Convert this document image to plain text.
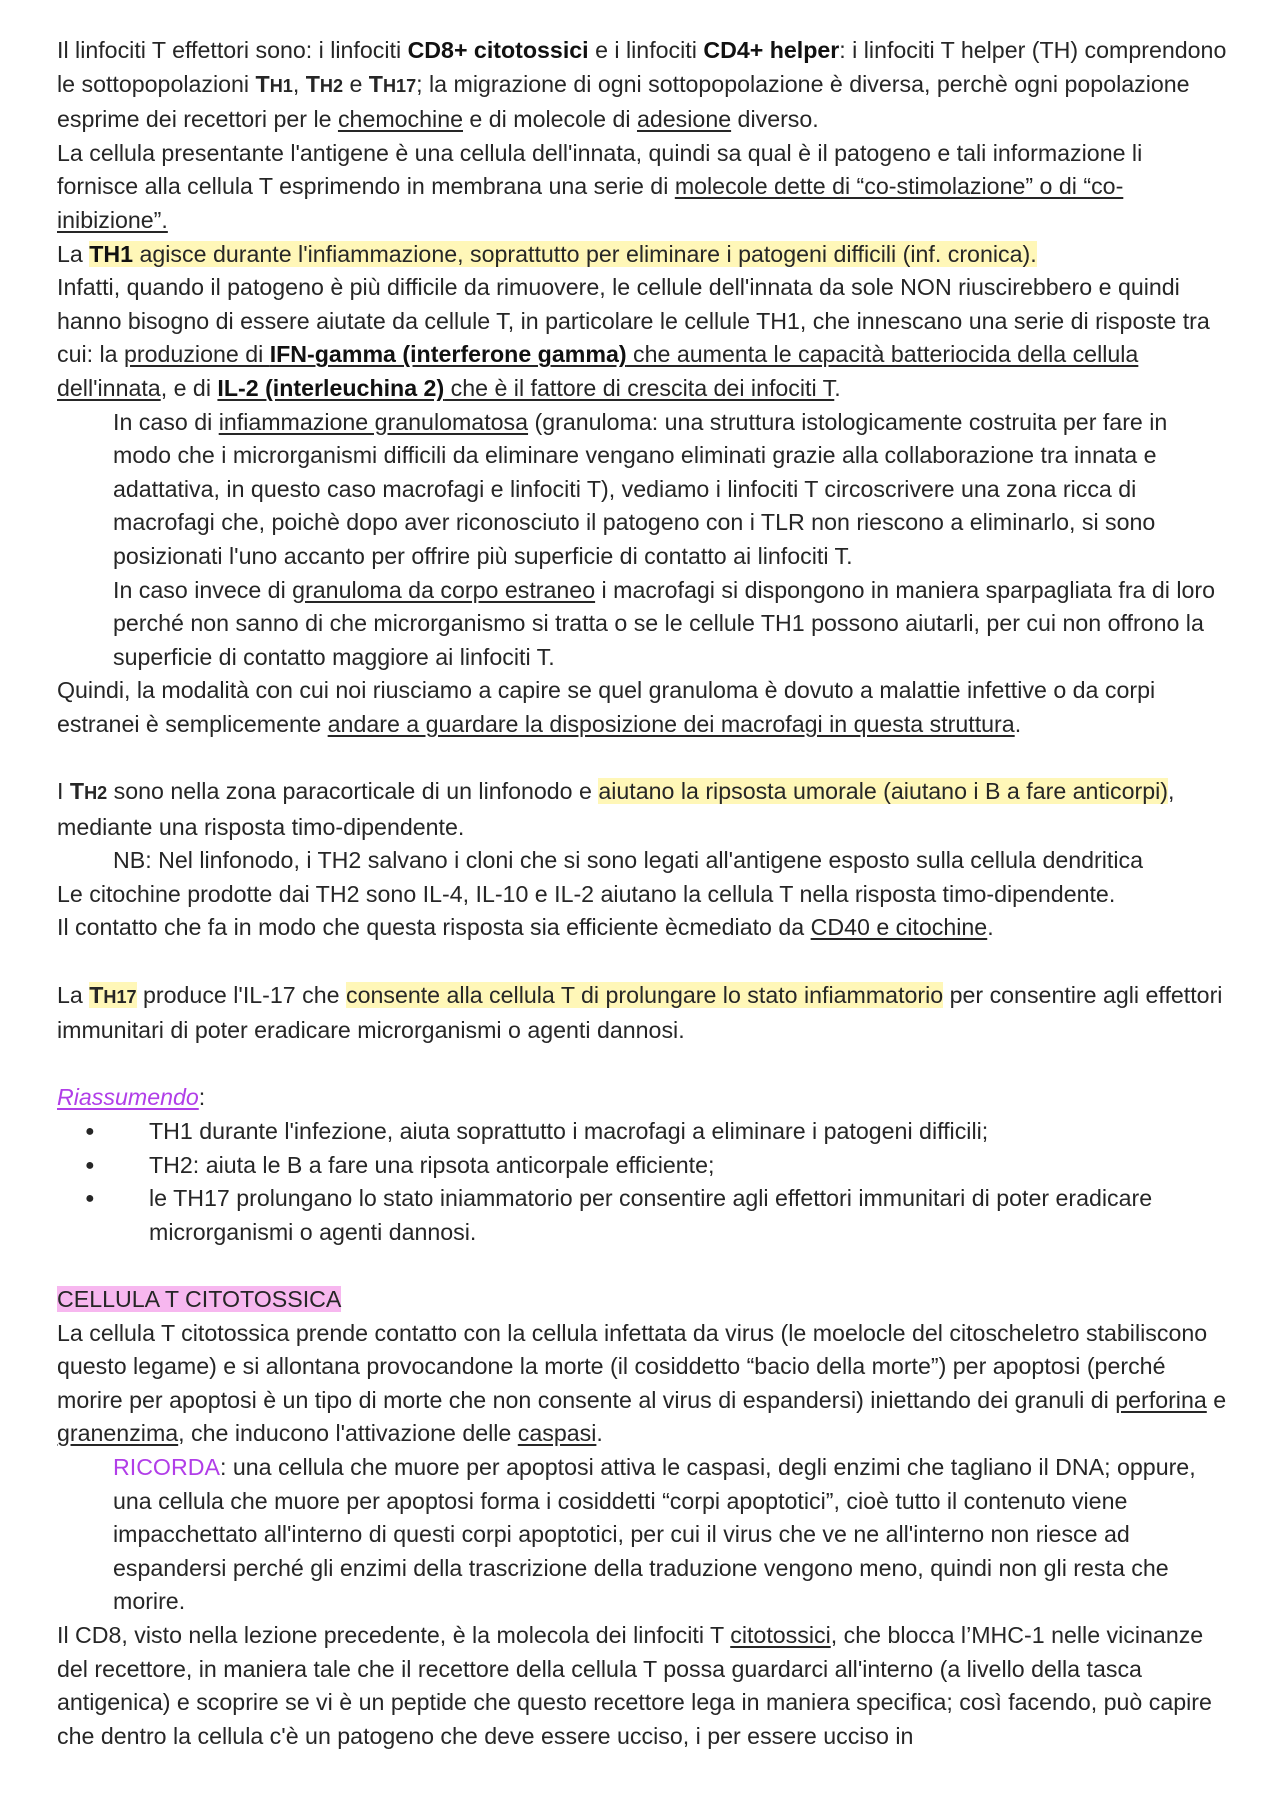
Il linfociti T effettori sono: i linfociti CD8+ citotossici e i linfociti CD4+ helper: i linfociti T helper (TH) comprendono le sottopopolazioni TH1, TH2 e TH17; la migrazione di ogni sottopopolazione è diversa, perchè ogni popolazione esprime dei recettori per le chemochine e di molecole di adesione diverso.

La cellula presentante l'antigene è una cellula dell'innata, quindi sa qual è il patogeno e tali informazione li fornisce alla cellula T esprimendo in membrana una serie di molecole dette di “co-stimolazione” o di “co-inibizione”.

La TH1 agisce durante l'infiammazione, soprattutto per eliminare i patogeni difficili (inf. cronica).

Infatti, quando il patogeno è più difficile da rimuovere, le cellule dell'innata da sole NON riuscirebbero e quindi hanno bisogno di essere aiutate da cellule T, in particolare le cellule TH1, che innescano una serie di risposte tra cui: la produzione di IFN-gamma (interferone gamma) che aumenta le capacità batteriocida della cellula dell'innata, e di IL-2 (interleuchina 2) che è il fattore di crescita dei infociti T.

In caso di infiammazione granulomatosa (granuloma: una struttura istologicamente costruita per fare in modo che i microrganismi difficili da eliminare vengano eliminati grazie alla collaborazione tra innata e adattativa, in questo caso macrofagi e linfociti T), vediamo i linfociti T circoscrivere una zona ricca di macrofagi che, poichè dopo aver riconosciuto il patogeno con i TLR non riescono a eliminarlo, si sono posizionati l'uno accanto per offrire più superficie di contatto ai linfociti T.

In caso invece di granuloma da corpo estraneo i macrofagi si dispongono in maniera sparpagliata fra di loro perché non sanno di che microrganismo si tratta o se le cellule TH1 possono aiutarli, per cui non offrono la superficie di contatto maggiore ai linfociti T.

Quindi, la modalità con cui noi riusciamo a capire se quel granuloma è dovuto a malattie infettive o da corpi estranei è semplicemente andare a guardare la disposizione dei macrofagi in questa struttura.

I TH2 sono nella zona paracorticale di un linfonodo e aiutano la ripsosta umorale (aiutano i B a fare anticorpi), mediante una risposta timo-dipendente.

NB: Nel linfonodo, i TH2 salvano i cloni che si sono legati all'antigene esposto sulla cellula dendritica

Le citochine prodotte dai TH2 sono IL-4, IL-10 e IL-2 aiutano la cellula T nella risposta timo-dipendente.

Il contatto che fa in modo che questa risposta sia efficiente ècmediato da CD40 e citochine.

La TH17 produce l'IL-17 che consente alla cellula T di prolungare lo stato infiammatorio per consentire agli effettori immunitari di poter eradicare microrganismi o agenti dannosi.

Riassumendo:

● TH1 durante l'infezione, aiuta soprattutto i macrofagi a eliminare i patogeni difficili;
● TH2: aiuta le B a fare una ripsota anticorpale efficiente;
● le TH17 prolungano lo stato iniammatorio per consentire agli effettori immunitari di poter eradicare microrganismi o agenti dannosi.

CELLULA T CITOTOSSICA

La cellula T citotossica prende contatto con la cellula infettata da virus (le moelocle del citoscheletro stabiliscono questo legame) e si allontana provocandone la morte (il cosiddetto “bacio della morte”) per apoptosi (perché morire per apoptosi è un tipo di morte che non consente al virus di espandersi) iniettando dei granuli di perforina e granenzima, che inducono l'attivazione delle caspasi.

RICORDA: una cellula che muore per apoptosi attiva le caspasi, degli enzimi che tagliano il DNA; oppure, una cellula che muore per apoptosi forma i cosiddetti “corpi apoptotici”, cioè tutto il contenuto viene impacchettato all'interno di questi corpi apoptotici, per cui il virus che ve ne all'interno non riesce ad espandersi perché gli enzimi della trascrizione della traduzione vengono meno, quindi non gli resta che morire.

Il CD8, visto nella lezione precedente, è la molecola dei linfociti T citotossici, che blocca l’MHC-1 nelle vicinanze del recettore, in maniera tale che il recettore della cellula T possa guardarci all'interno (a livello della tasca antigenica) e scoprire se vi è un peptide che questo recettore lega in maniera specifica; così facendo, può capire che dentro la cellula c'è un patogeno che deve essere ucciso, i per essere ucciso in
